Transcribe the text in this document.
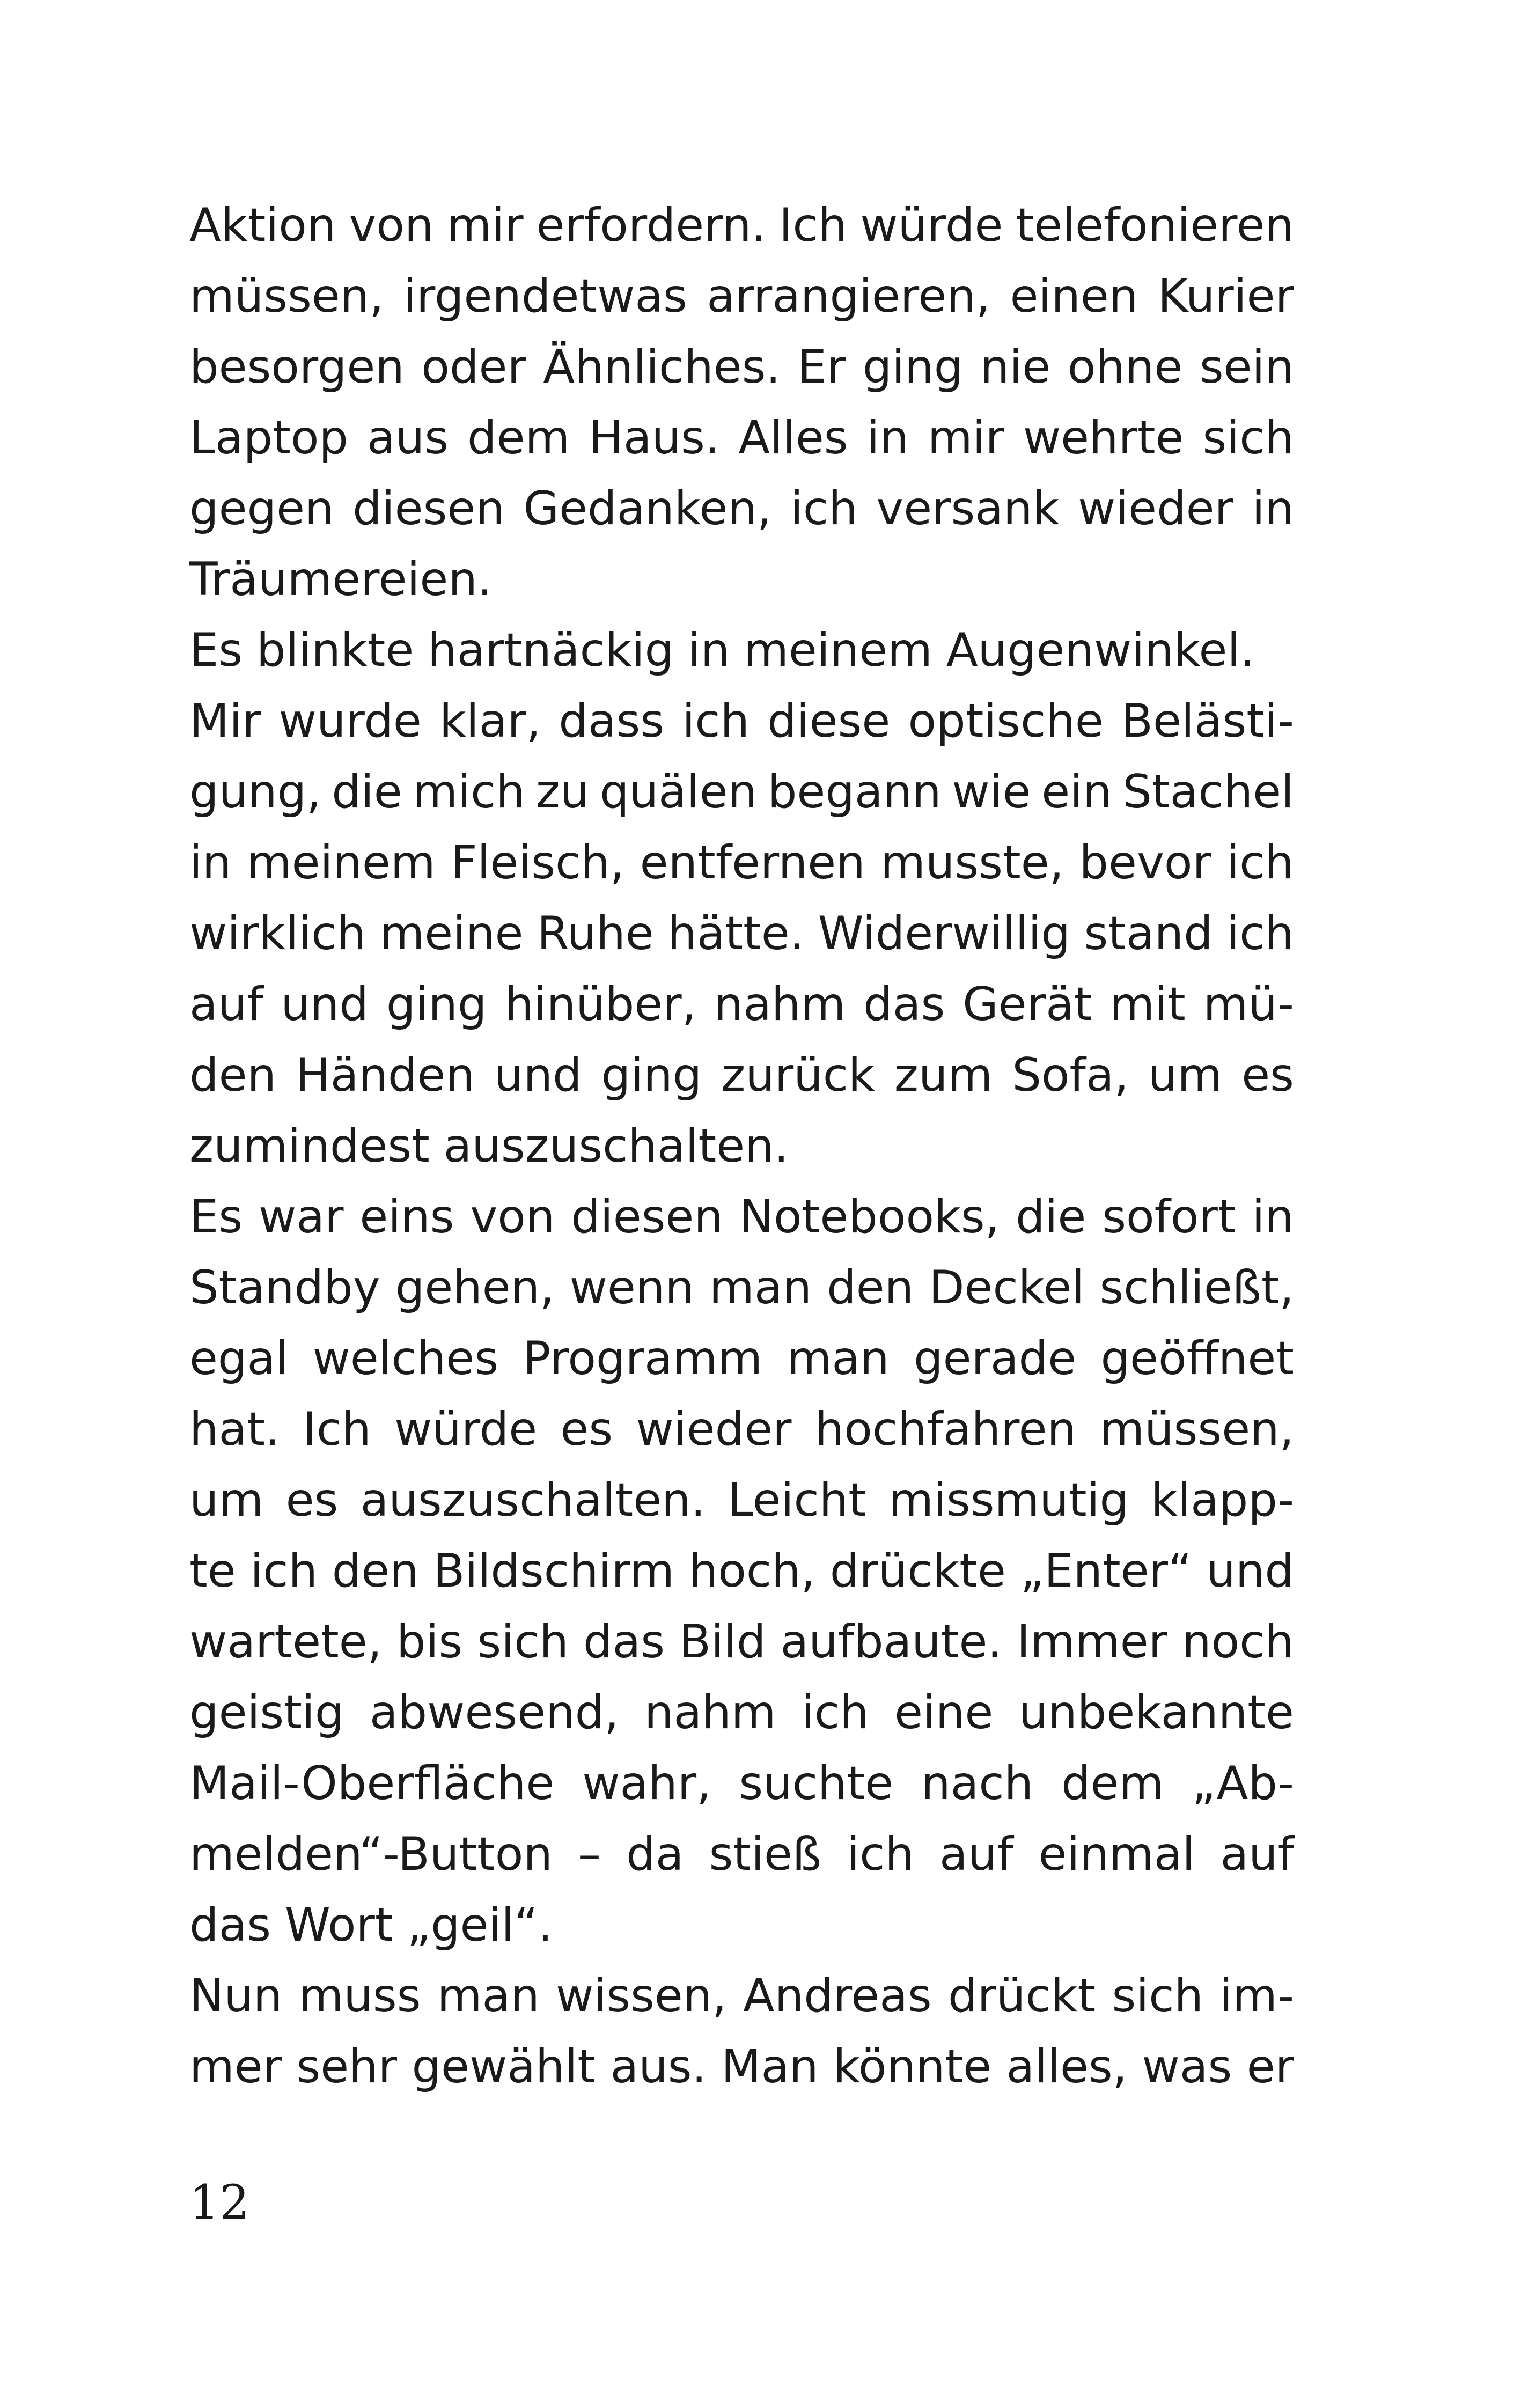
Aktion von mir erfordern. Ich würde telefonieren
müssen, irgendetwas arrangieren, einen Kurier
besorgen oder Ähnliches. Er ging nie ohne sein
Laptop aus dem Haus. Alles in mir wehrte sich
gegen diesen Gedanken, ich versank wieder in
Träumereien.
Es blinkte hartnäckig in meinem Augenwinkel.
Mir wurde klar, dass ich diese optische Belästi-
gung, die mich zu quälen begann wie ein Stachel
in meinem Fleisch, entfernen musste, bevor ich
wirklich meine Ruhe hätte. Widerwillig stand ich
auf und ging hinüber, nahm das Gerät mit mü-
den Händen und ging zurück zum Sofa, um es
zumindest auszuschalten.
Es war eins von diesen Notebooks, die sofort in
Standby gehen, wenn man den Deckel schließt,
egal welches Programm man gerade geöffnet
hat. Ich würde es wieder hochfahren müssen,
um es auszuschalten. Leicht missmutig klapp-
te ich den Bildschirm hoch, drückte „Enter“ und
wartete, bis sich das Bild aufbaute. Immer noch
geistig abwesend, nahm ich eine unbekannte
Mail-Oberfläche wahr, suchte nach dem „Ab-
melden“-Button – da stieß ich auf einmal auf
das Wort „geil“.
Nun muss man wissen, Andreas drückt sich im-
mer sehr gewählt aus. Man könnte alles, was er
12
